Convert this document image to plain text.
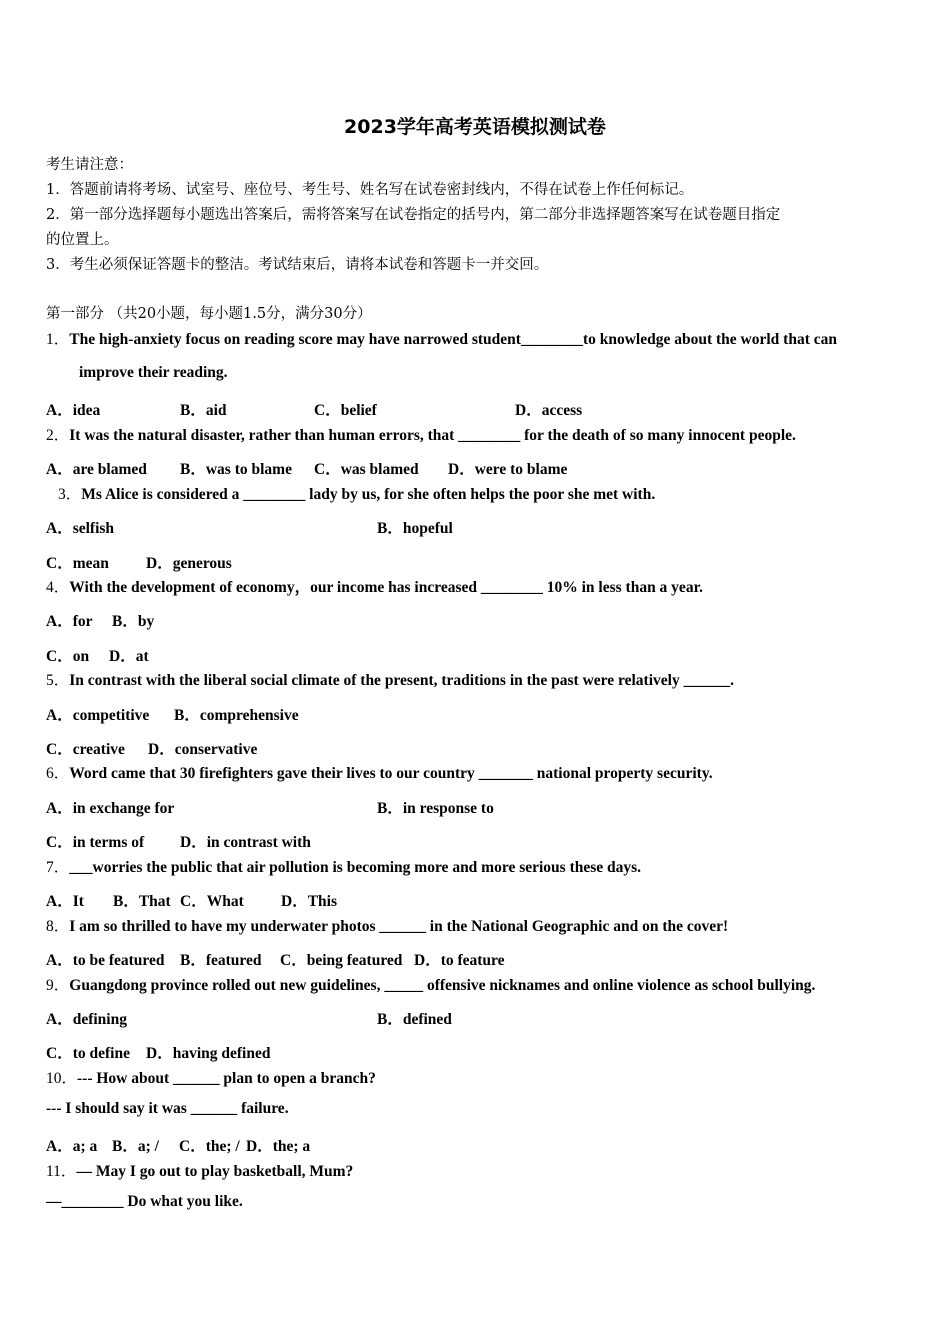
2023学年高考英语模拟测试卷
考生请注意：
1．答题前请将考场、试室号、座位号、考生号、姓名写在试卷密封线内，不得在试卷上作任何标记。
2．第一部分选择题每小题选出答案后，需将答案写在试卷指定的括号内，第二部分非选择题答案写在试卷题目指定
的位置上。
3．考生必须保证答题卡的整洁。考试结束后，请将本试卷和答题卡一并交回。
第一部分 （共20小题，每小题1.5分，满分30分）
1．The high-anxiety focus on reading score may have narrowed student________to knowledge about the world that can
improve their reading.
A．idea	B．aid	C．belief	D．access
2．It was the natural disaster, rather than human errors, that ________ for the death of so many innocent people.
A．are blamed B．was to blame C．was blamed D．were to blame
3．Ms Alice is considered a ________ lady by us, for she often helps the poor she met with.
A．selfish	B．hopeful
C．mean D．generous
4．With the development of economy，our income has increased ________ 10% in less than a year.
A．for B．by
C．on D．at
5．In contrast with the liberal social climate of the present, traditions in the past were relatively ______.
A．competitive B．comprehensive
C．creative D．conservative
6．Word came that 30 firefighters gave their lives to our country _______ national property security.
A．in exchange for	B．in response to
C．in terms of D．in contrast with
7．___worries the public that air pollution is becoming more and more serious these days.
A．It B．That C．What D．This
8．I am so thrilled to have my underwater photos ______ in the National Geographic and on the cover!
A．to be featured B．featured C．being featured D．to feature
9．Guangdong province rolled out new guidelines, _____ offensive nicknames and online violence as school bullying.
A．defining	B．defined
C．to define D．having defined
10．--- How about ______ plan to open a branch?
--- I should say it was ______ failure.
A．a; a B．a; / C．the; / D．the; a
11．— May I go out to play basketball, Mum?
—________ Do what you like.
